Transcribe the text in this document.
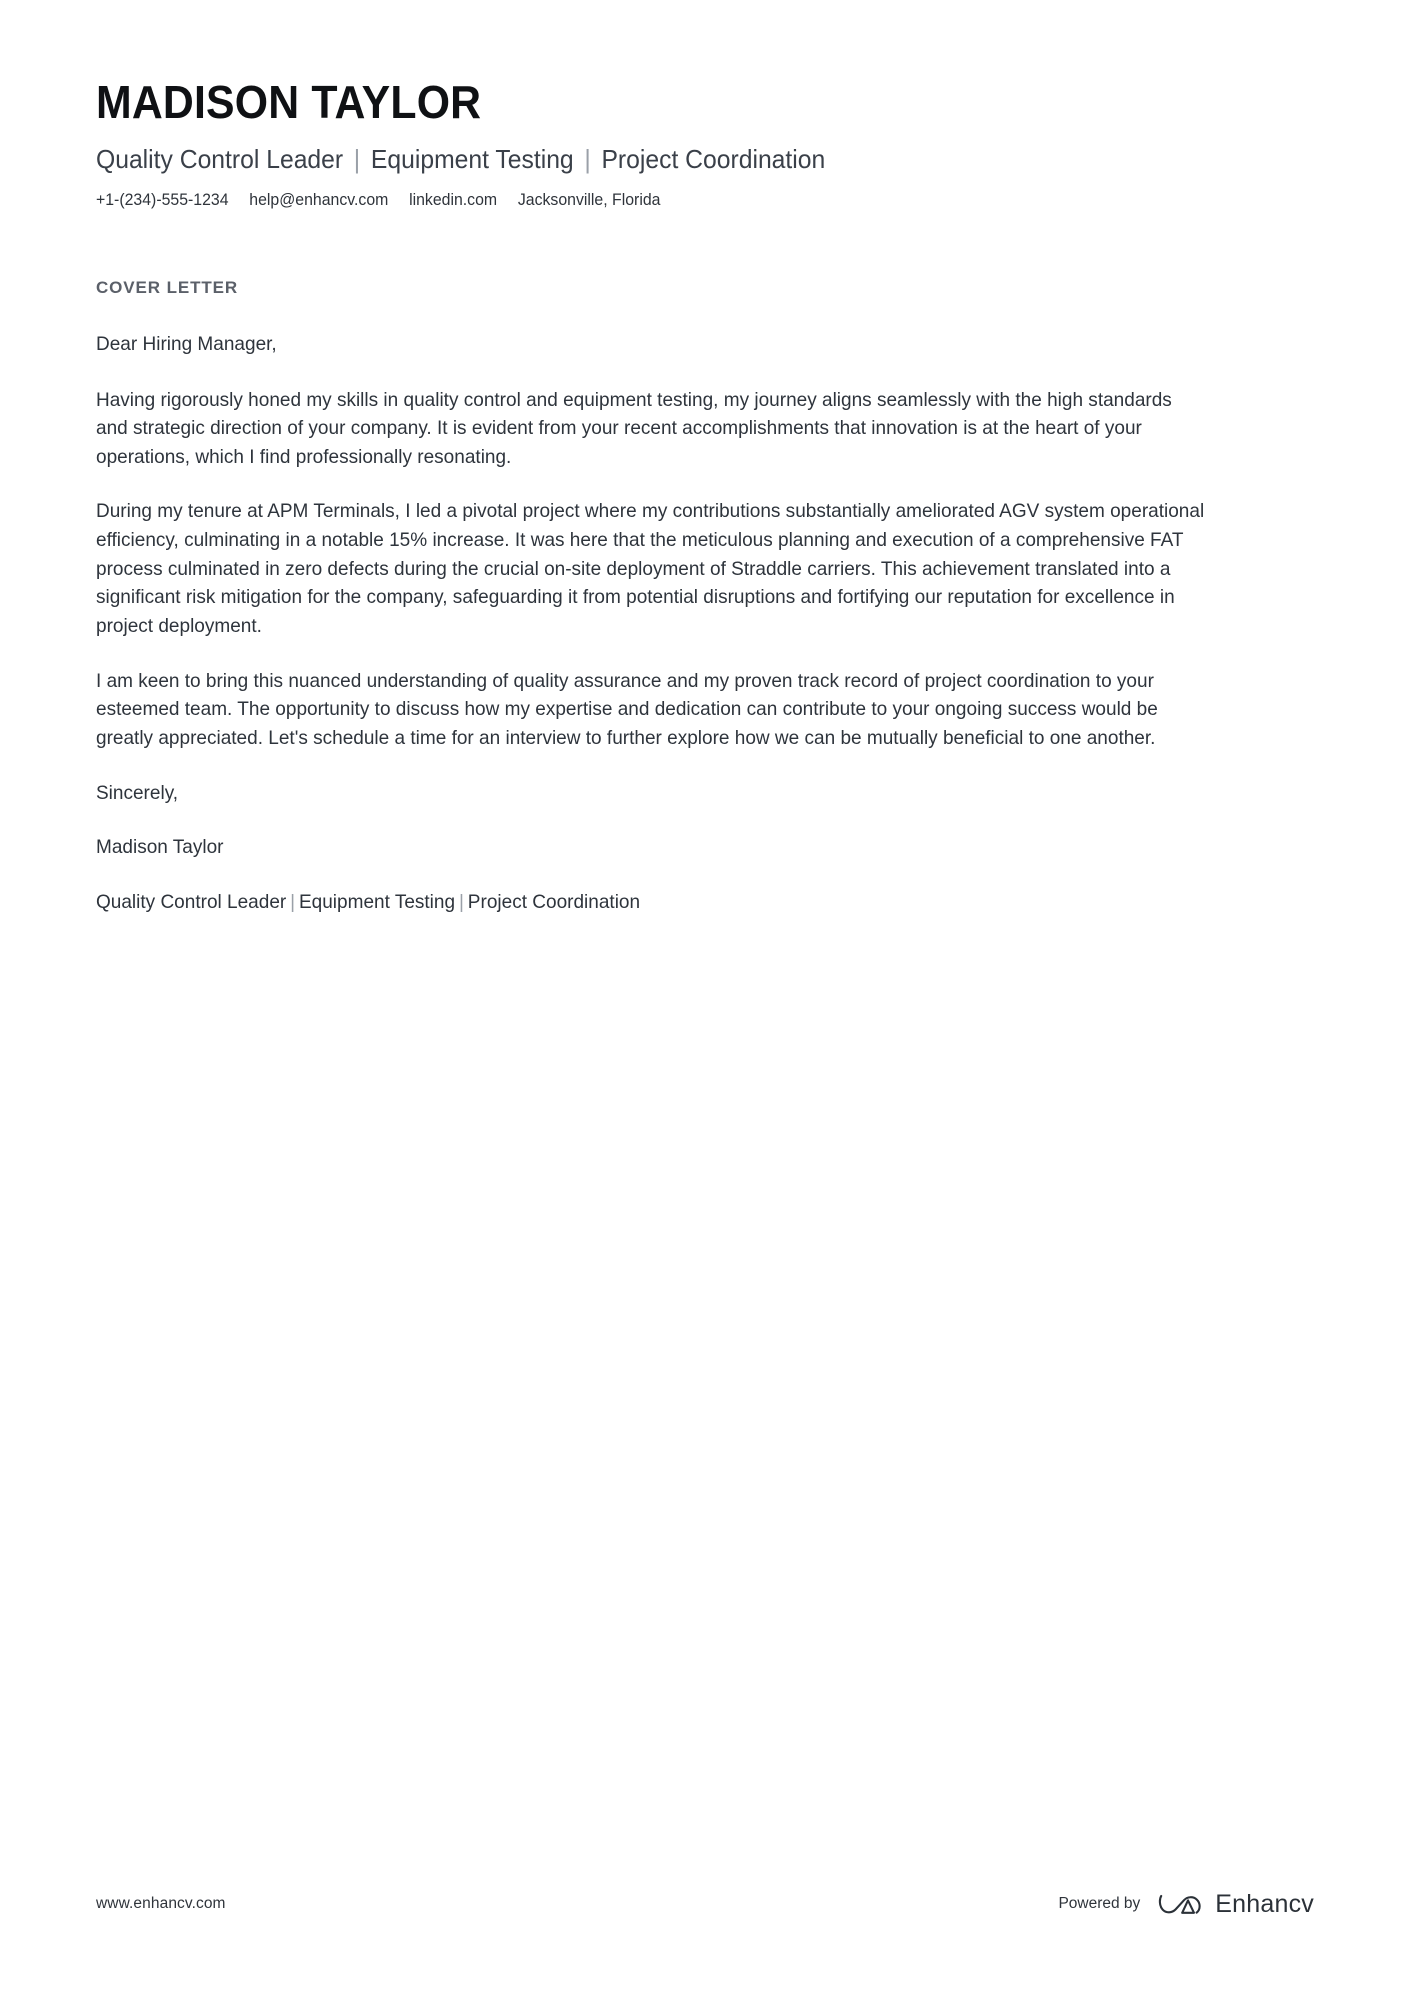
MADISON TAYLOR
Quality Control Leader | Equipment Testing | Project Coordination
+1-(234)-555-1234 help@enhancv.com linkedin.com Jacksonville, Florida
COVER LETTER

Dear Hiring Manager,

Having rigorously honed my skills in quality control and equipment testing, my journey aligns seamlessly with the high standards and strategic direction of your company. It is evident from your recent accomplishments that innovation is at the heart of your operations, which I find professionally resonating.

During my tenure at APM Terminals, I led a pivotal project where my contributions substantially ameliorated AGV system operational efficiency, culminating in a notable 15% increase. It was here that the meticulous planning and execution of a comprehensive FAT process culminated in zero defects during the crucial on-site deployment of Straddle carriers. This achievement translated into a significant risk mitigation for the company, safeguarding it from potential disruptions and fortifying our reputation for excellence in project deployment.

I am keen to bring this nuanced understanding of quality assurance and my proven track record of project coordination to your esteemed team. The opportunity to discuss how my expertise and dedication can contribute to your ongoing success would be greatly appreciated. Let's schedule a time for an interview to further explore how we can be mutually beneficial to one another.

Sincerely,

Madison Taylor

Quality Control Leader | Equipment Testing | Project Coordination

www.enhancv.com	Powered by	Enhancv
